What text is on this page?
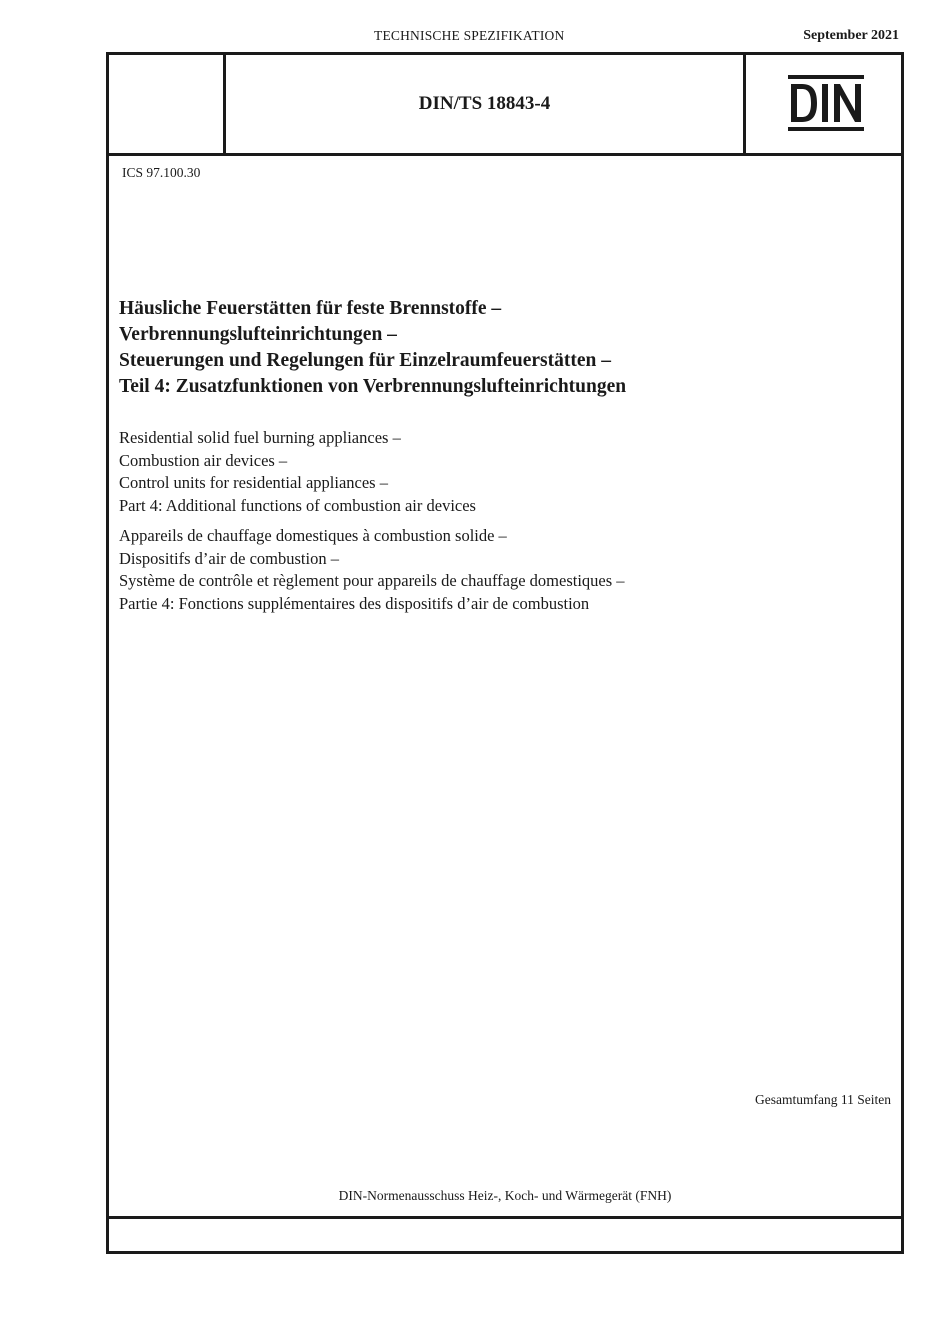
TECHNISCHE SPEZIFIKATION	September 2021
DIN/TS 18843-4
ICS 97.100.30
Häusliche Feuerstätten für feste Brennstoffe –
Verbrennungslufteinrichtungen –
Steuerungen und Regelungen für Einzelraumfeuerstätten –
Teil 4: Zusatzfunktionen von Verbrennungslufteinrichtungen
Residential solid fuel burning appliances –
Combustion air devices –
Control units for residential appliances –
Part 4: Additional functions of combustion air devices
Appareils de chauffage domestiques à combustion solide –
Dispositifs d’air de combustion –
Système de contrôle et règlement pour appareils de chauffage domestiques –
Partie 4: Fonctions supplémentaires des dispositifs d’air de combustion
Gesamtumfang 11 Seiten
DIN-Normenausschuss Heiz-, Koch- und Wärmegerät (FNH)
